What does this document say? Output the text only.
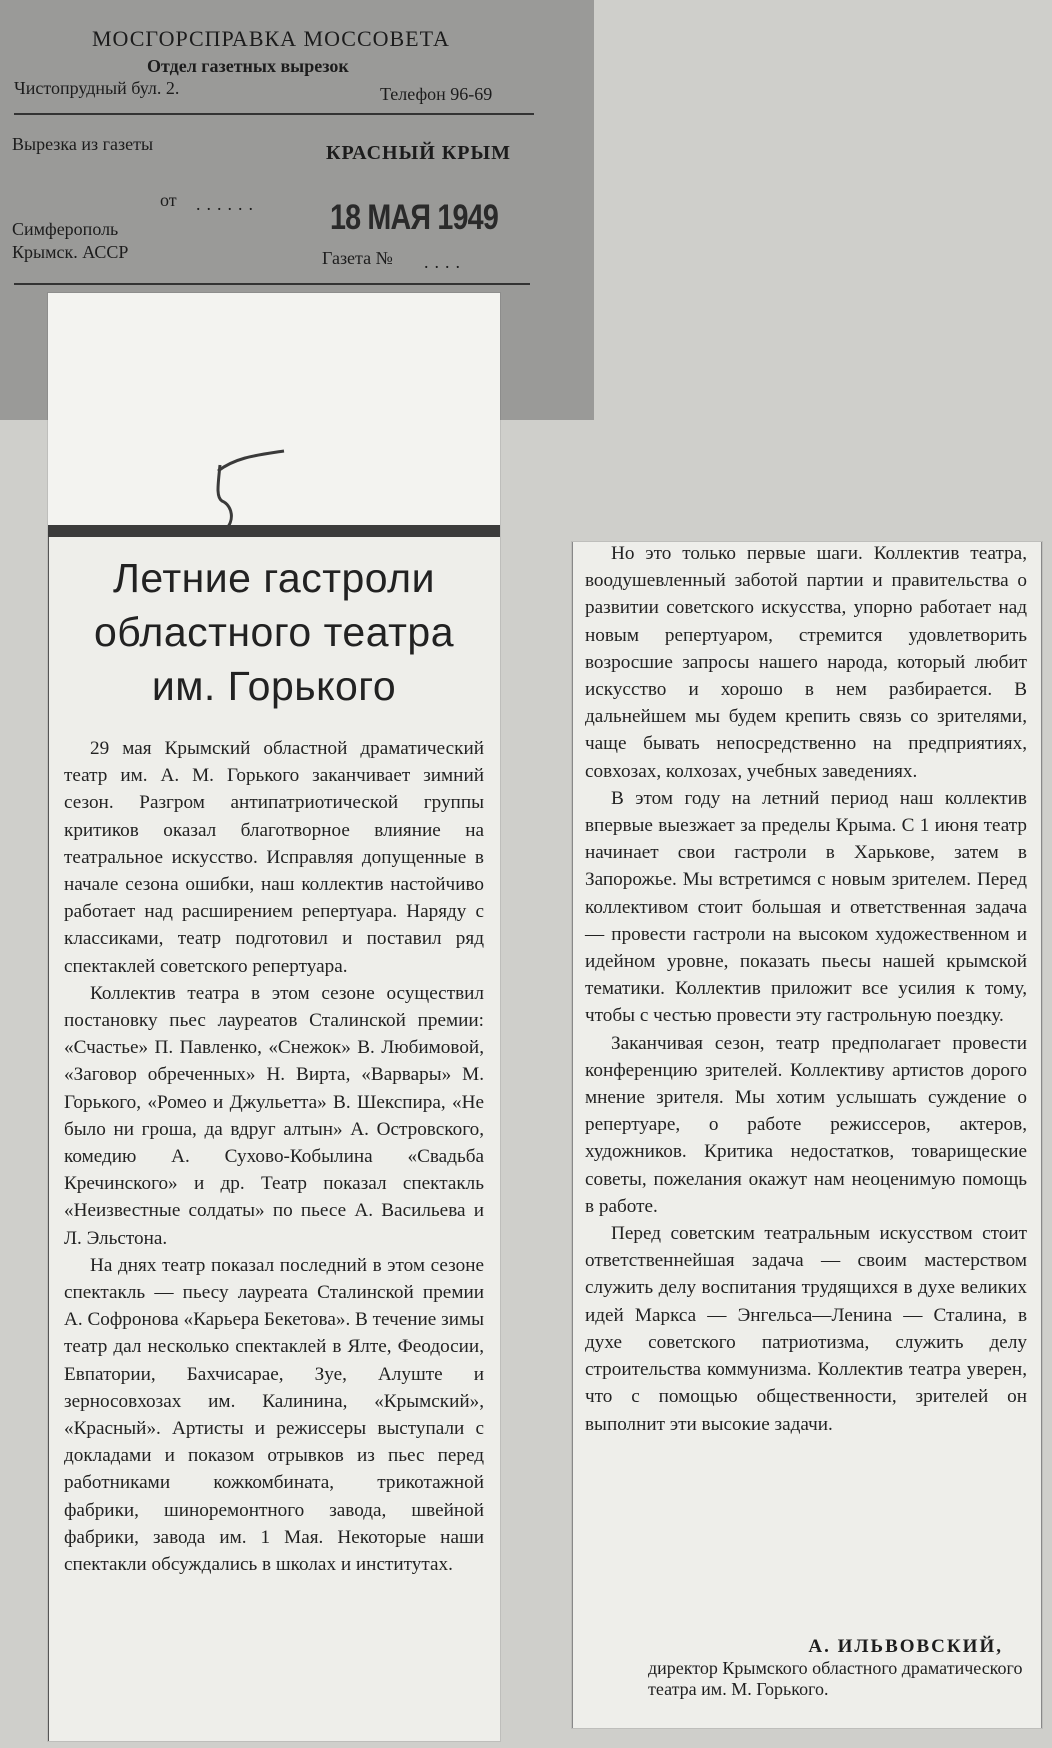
МОСГОРСПРАВКА МОССОВЕТА
Отдел газетных вырезок
Чистопрудный бул. 2.	Телефон 96-69
Вырезка из газеты	КРАСНЫЙ КРЫМ
от ...... 18 МАЯ 1949
Симферополь
Крымск. АССР	Газета № ....
Летние гастроли
областного театра
им. Горького

29 мая Крымский областной драматический театр им. А. М. Горького заканчивает зимний сезон. Разгром антипатриотической группы критиков оказал благотворное влияние на театральное искусство. Исправляя допущенные в начале сезона ошибки, наш коллектив настойчиво работает над расширением репертуара. Наряду с классиками, театр подготовил и поставил ряд спектаклей советского репертуара.

Коллектив театра в этом сезоне осуществил постановку пьес лауреатов Сталинской премии: «Счастье» П. Павленко, «Снежок» В. Любимовой, «Заговор обреченных» Н. Вирта, «Варвары» М. Горького, «Ромео и Джульетта» В. Шекспира, «Не было ни гроша, да вдруг алтын» А. Островского, комедию А. Сухово-Кобылина «Свадьба Кречинского» и др. Театр показал спектакль «Неизвестные солдаты» по пьесе А. Васильева и Л. Эльстона.

На днях театр показал последний в этом сезоне спектакль — пьесу лауреата Сталинской премии А. Софронова «Карьера Бекетова». В течение зимы театр дал несколько спектаклей в Ялте, Феодосии, Евпатории, Бахчисарае, Зуе, Алуште и зерносовхозах им. Калинина, «Крымский», «Красный». Артисты и режиссеры выступали с докладами и показом отрывков из пьес перед работниками кожкомбината, трикотажной фабрики, шиноремонтного завода, швейной фабрики, завода им. 1 Мая. Некоторые наши спектакли обсуждались в школах и институтах.

Но это только первые шаги. Коллектив театра, воодушевленный заботой партии и правительства о развитии советского искусства, упорно работает над новым репертуаром, стремится удовлетворить возросшие запросы нашего народа, который любит искусство и хорошо в нем разбирается. В дальнейшем мы будем крепить связь со зрителями, чаще бывать непосредственно на предприятиях, совхозах, колхозах, учебных заведениях.

В этом году на летний период наш коллектив впервые выезжает за пределы Крыма. С 1 июня театр начинает свои гастроли в Харькове, затем в Запорожье. Мы встретимся с новым зрителем. Перед коллективом стоит большая и ответственная задача — провести гастроли на высоком художественном и идейном уровне, показать пьесы нашей крымской тематики. Коллектив приложит все усилия к тому, чтобы с честью провести эту гастрольную поездку.

Заканчивая сезон, театр предполагает провести конференцию зрителей. Коллективу артистов дорого мнение зрителя. Мы хотим услышать суждение о репертуаре, о работе режиссеров, актеров, художников. Критика недостатков, товарищеские советы, пожелания окажут нам неоценимую помощь в работе.

Перед советским театральным искусством стоит ответственнейшая задача — своим мастерством служить делу воспитания трудящихся в духе великих идей Маркса — Энгельса—Ленина — Сталина, в духе советского патриотизма, служить делу строительства коммунизма. Коллектив театра уверен, что с помощью общественности, зрителей он выполнит эти высокие задачи.

А. ИЛЬВОВСКИЙ,
директор Крымского областного драматического театра им. М. Горького.
